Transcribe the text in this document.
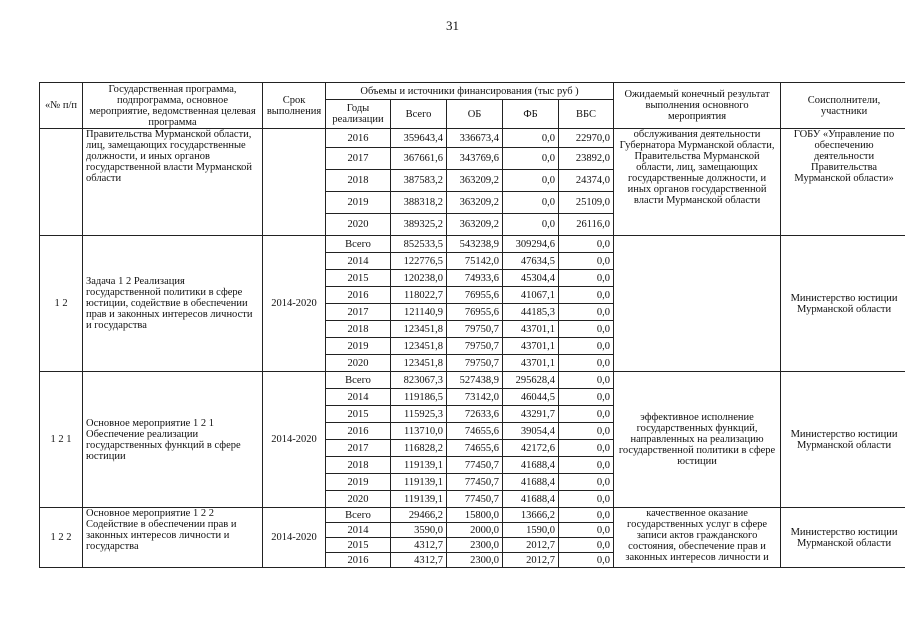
31
«№ п/п	Государственная программа, подпрограмма, основное мероприятие, ведомственная целевая программа	Срок выполнения	Объемы и источники финансирования (тыс руб )					Ожидаемый конечный результат выполнения основного мероприятия	Соисполнители, участники
			Годы реализации	Всего	ОБ	ФБ	ВБС		
	Правительства Мурманской области, лиц, замещающих государственные должности, и иных органов государственной власти Мурманской области		2016	359643,4	336673,4	0,0	22970,0	обслуживания деятельности Губернатора Мурманской области, Правительства Мурманской области, лиц, замещающих государственные должности, и иных органов государственной власти Мурманской области	ГОБУ «Управление по обеспечению деятельности Правительства Мурманской области»
			2017	367661,6	343769,6	0,0	23892,0		
			2018	387583,2	363209,2	0,0	24374,0		
			2019	388318,2	363209,2	0,0	25109,0		
			2020	389325,2	363209,2	0,0	26116,0		
1 2	Задача 1 2 Реализация государственной политики в сфере юстиции, содействие в обеспечении прав и законных интересов личности и государства	2014-2020	Всего	852533,5	543238,9	309294,6	0,0		Министерство юстиции Мурманской области
			2014	122776,5	75142,0	47634,5	0,0		
			2015	120238,0	74933,6	45304,4	0,0		
			2016	118022,7	76955,6	41067,1	0,0		
			2017	121140,9	76955,6	44185,3	0,0		
			2018	123451,8	79750,7	43701,1	0,0		
			2019	123451,8	79750,7	43701,1	0,0		
			2020	123451,8	79750,7	43701,1	0,0		
1 2 1	Основное мероприятие 1 2 1 Обеспечение реализации государственных функций в сфере юстиции	2014-2020	Всего	823067,3	527438,9	295628,4	0,0	эффективное исполнение государственных функций, направленных на реализацию государственной политики в сфере юстиции	Министерство юстиции Мурманской области
			2014	119186,5	73142,0	46044,5	0,0		
			2015	115925,3	72633,6	43291,7	0,0		
			2016	113710,0	74655,6	39054,4	0,0		
			2017	116828,2	74655,6	42172,6	0,0		
			2018	119139,1	77450,7	41688,4	0,0		
			2019	119139,1	77450,7	41688,4	0,0		
			2020	119139,1	77450,7	41688,4	0,0		
1 2 2	Основное мероприятие 1 2 2 Содействие в обеспечении прав и законных интересов личности и государства	2014-2020	Всего	29466,2	15800,0	13666,2	0,0	качественное оказание государственных услуг в сфере записи актов гражданского состояния, обеспечение прав и законных интересов личности и	Министерство юстиции Мурманской области
			2014	3590,0	2000,0	1590,0	0,0		
			2015	4312,7	2300,0	2012,7	0,0		
			2016	4312,7	2300,0	2012,7	0,0		
